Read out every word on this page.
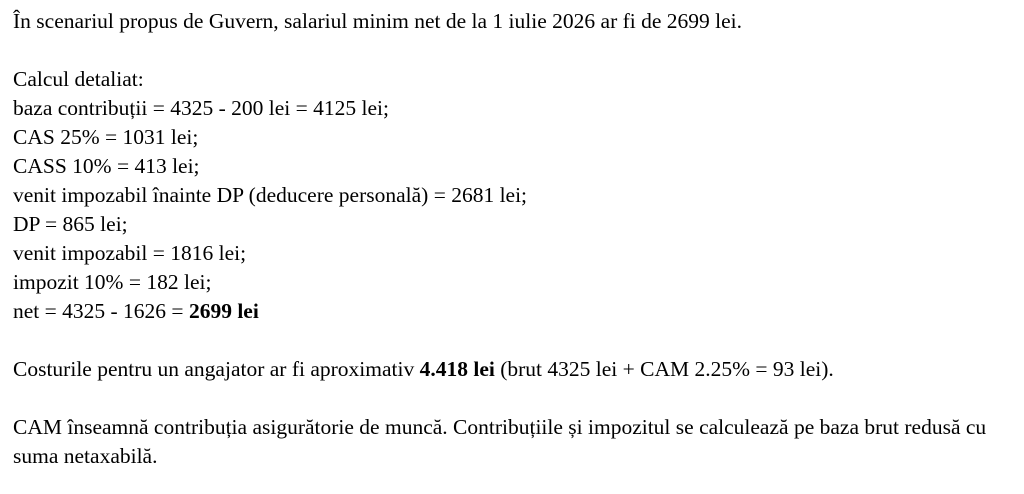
În scenariul propus de Guvern, salariul minim net de la 1 iulie 2026 ar fi de 2699 lei.
Calcul detaliat:
baza contribuții = 4325 - 200 lei = 4125 lei;
CAS 25% = 1031 lei;
CASS 10% = 413 lei;
venit impozabil înainte DP (deducere personală) = 2681 lei;
DP = 865 lei;
venit impozabil = 1816 lei;
impozit 10% = 182 lei;
net = 4325 - 1626 = 2699 lei
Costurile pentru un angajator ar fi aproximativ 4.418 lei (brut 4325 lei + CAM 2.25% = 93 lei).
CAM înseamnă contribuția asigurătorie de muncă. Contribuțiile și impozitul se calculează pe baza brut redusă cu suma netaxabilă.
